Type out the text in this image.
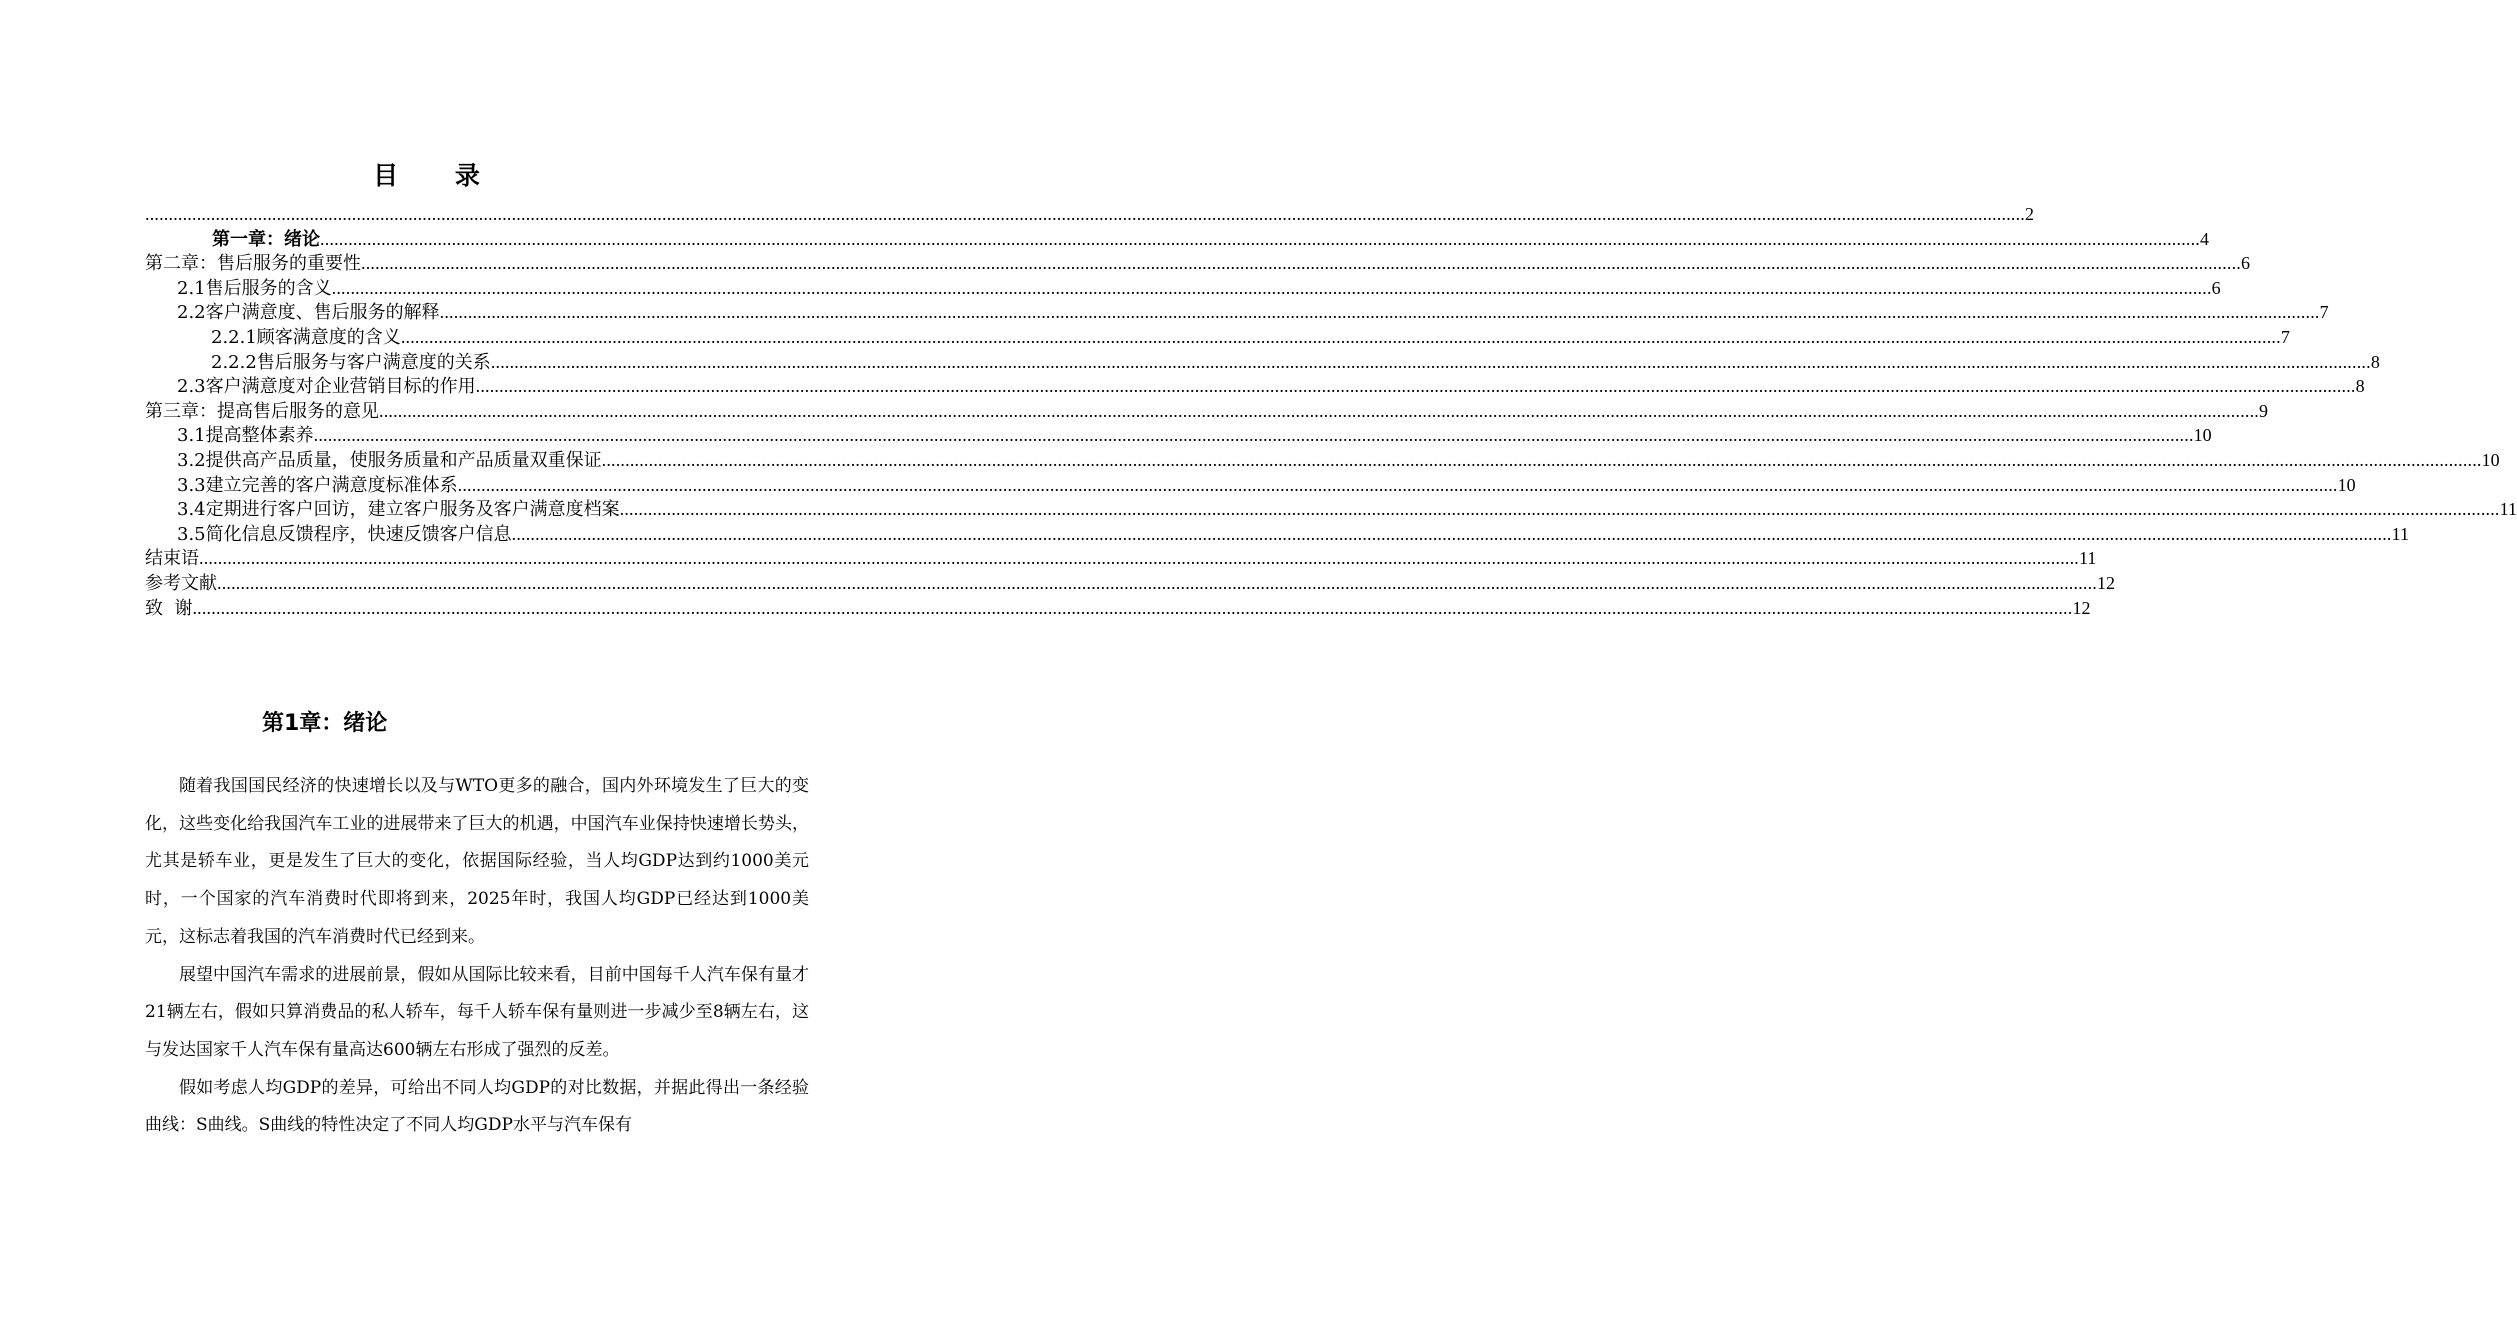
目 录
................................................................................................................................................................................................................................................................................................................................................................................................................ 2
第一章：绪论 ................................................................................................................................................................................................................................................................................................................................................................................................................ 4
第二章：售后服务的重要性 ................................................................................................................................................................................................................................................................................................................................................................................................................ 6
2.1售后服务的含义 ................................................................................................................................................................................................................................................................................................................................................................................................................ 6
2.2客户满意度、售后服务的解释 ................................................................................................................................................................................................................................................................................................................................................................................................................ 7
2.2.1顾客满意度的含义 ................................................................................................................................................................................................................................................................................................................................................................................................................ 7
2.2.2售后服务与客户满意度的关系 ................................................................................................................................................................................................................................................................................................................................................................................................................ 8
2.3客户满意度对企业营销目标的作用 ................................................................................................................................................................................................................................................................................................................................................................................................................ 8
第三章：提高售后服务的意见 ................................................................................................................................................................................................................................................................................................................................................................................................................ 9
3.1提高整体素养 ................................................................................................................................................................................................................................................................................................................................................................................................................ 10
3.2提供高产品质量，使服务质量和产品质量双重保证 ................................................................................................................................................................................................................................................................................................................................................................................................................ 10
3.3建立完善的客户满意度标准体系 ................................................................................................................................................................................................................................................................................................................................................................................................................ 10
3.4定期进行客户回访，建立客户服务及客户满意度档案 ................................................................................................................................................................................................................................................................................................................................................................................................................ 11
3.5简化信息反馈程序，快速反馈客户信息 ................................................................................................................................................................................................................................................................................................................................................................................................................ 11
结束语 ................................................................................................................................................................................................................................................................................................................................................................................................................ 11
参考文献 ................................................................................................................................................................................................................................................................................................................................................................................................................ 12
致  谢 ................................................................................................................................................................................................................................................................................................................................................................................................................ 12
第1章：绪论

随着我国国民经济的快速增长以及与WTO更多的融合，国内外环境发生了巨大的变化，这些变化给我国汽车工业的进展带来了巨大的机遇，中国汽车业保持快速增长势头，尤其是轿车业，更是发生了巨大的变化，依据国际经验，当人均GDP达到约1000美元时，一个国家的汽车消费时代即将到来，2025年时，我国人均GDP已经达到1000美元，这标志着我国的汽车消费时代已经到来。

展望中国汽车需求的进展前景，假如从国际比较来看，目前中国每千人汽车保有量才21辆左右，假如只算消费品的私人轿车，每千人轿车保有量则进一步减少至8辆左右，这与发达国家千人汽车保有量高达600辆左右形成了强烈的反差。

假如考虑人均GDP的差异，可给出不同人均GDP的对比数据，并据此得出一条经验曲线：S曲线。S曲线的特性决定了不同人均GDP水平与汽车保有
